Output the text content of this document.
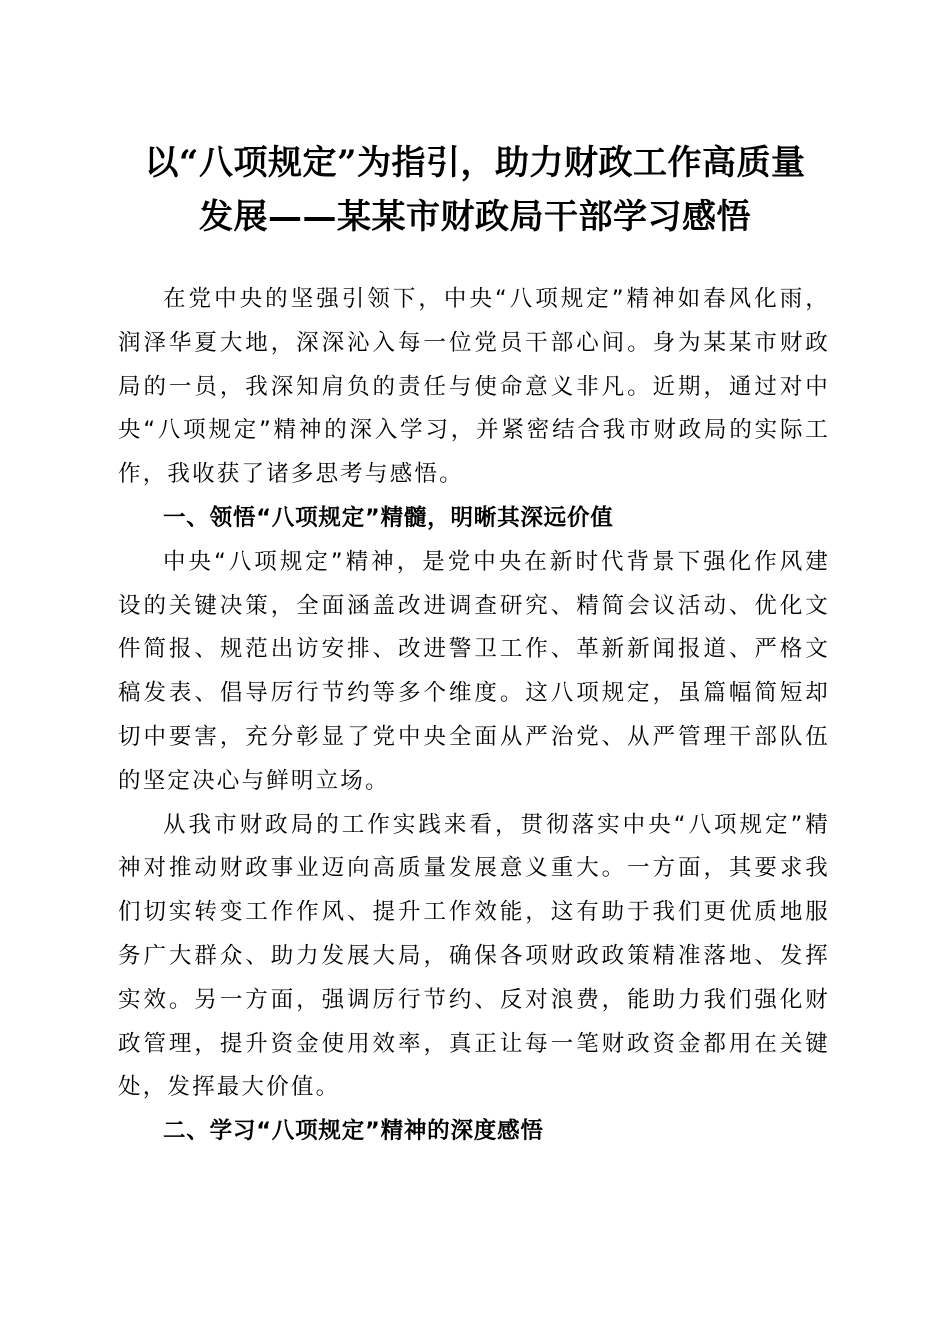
以“八项规定”为指引，助力财政工作高质量
发展——某某市财政局干部学习感悟

在党中央的坚强引领下，中央“八项规定”精神如春风化雨，润泽华夏大地，深深沁入每一位党员干部心间。身为某某市财政局的一员，我深知肩负的责任与使命意义非凡。近期，通过对中央“八项规定”精神的深入学习，并紧密结合我市财政局的实际工作，我收获了诸多思考与感悟。

一、领悟“八项规定”精髓，明晰其深远价值

中央“八项规定”精神，是党中央在新时代背景下强化作风建设的关键决策，全面涵盖改进调查研究、精简会议活动、优化文件简报、规范出访安排、改进警卫工作、革新新闻报道、严格文稿发表、倡导厉行节约等多个维度。这八项规定，虽篇幅简短却切中要害，充分彰显了党中央全面从严治党、从严管理干部队伍的坚定决心与鲜明立场。

从我市财政局的工作实践来看，贯彻落实中央“八项规定”精神对推动财政事业迈向高质量发展意义重大。一方面，其要求我们切实转变工作作风、提升工作效能，这有助于我们更优质地服务广大群众、助力发展大局，确保各项财政政策精准落地、发挥实效。另一方面，强调厉行节约、反对浪费，能助力我们强化财政管理，提升资金使用效率，真正让每一笔财政资金都用在关键处，发挥最大价值。

二、学习“八项规定”精神的深度感悟
